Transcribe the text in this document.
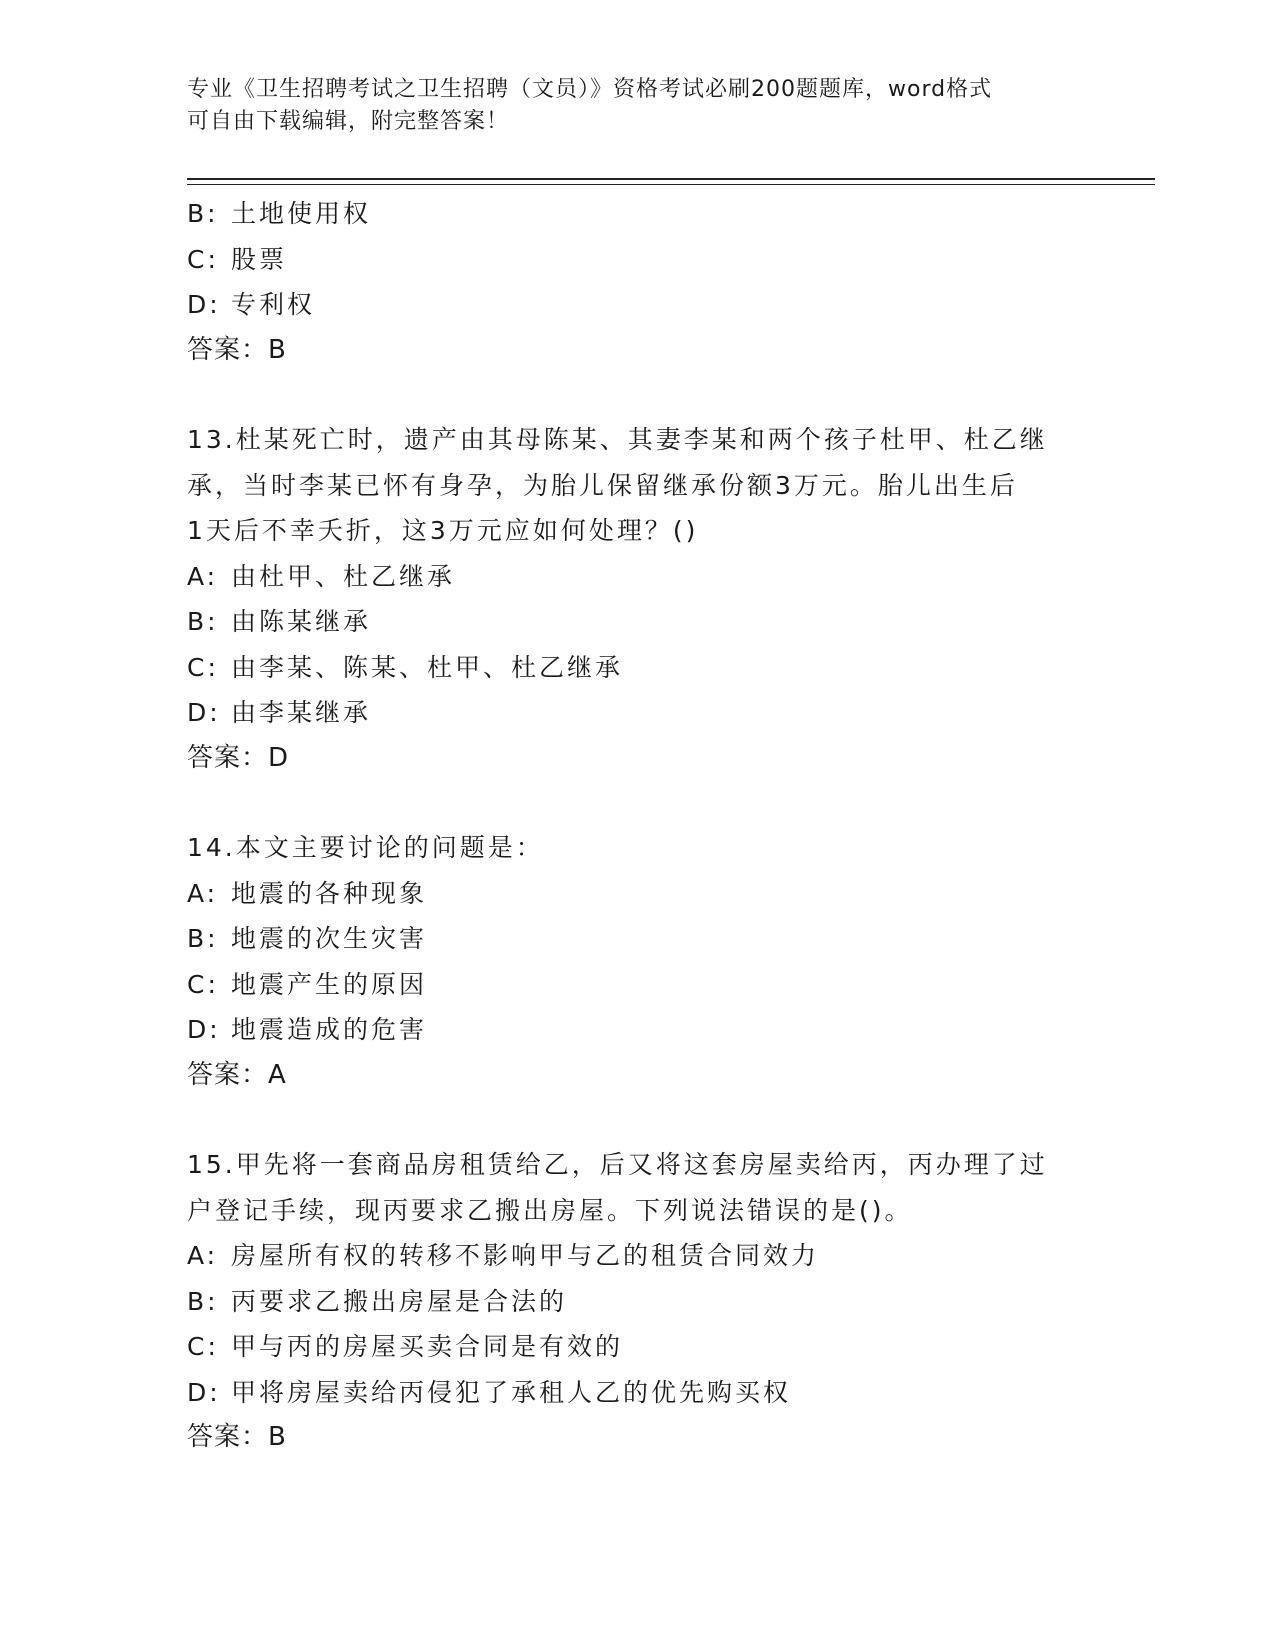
专业《卫生招聘考试之卫生招聘（文员）》资格考试必刷200题题库，word格式
可自由下载编辑，附完整答案！
B: 土地使用权
C: 股票
D: 专利权
答案：B
13.杜某死亡时，遗产由其母陈某、其妻李某和两个孩子杜甲、杜乙继
承，当时李某已怀有身孕，为胎儿保留继承份额3万元。胎儿出生后
1天后不幸夭折，这3万元应如何处理？()
A: 由杜甲、杜乙继承
B: 由陈某继承
C: 由李某、陈某、杜甲、杜乙继承
D: 由李某继承
答案：D
14.本文主要讨论的问题是：
A: 地震的各种现象
B: 地震的次生灾害
C: 地震产生的原因
D: 地震造成的危害
答案：A
15.甲先将一套商品房租赁给乙，后又将这套房屋卖给丙，丙办理了过
户登记手续，现丙要求乙搬出房屋。下列说法错误的是()。
A: 房屋所有权的转移不影响甲与乙的租赁合同效力
B: 丙要求乙搬出房屋是合法的
C: 甲与丙的房屋买卖合同是有效的
D: 甲将房屋卖给丙侵犯了承租人乙的优先购买权
答案：B
